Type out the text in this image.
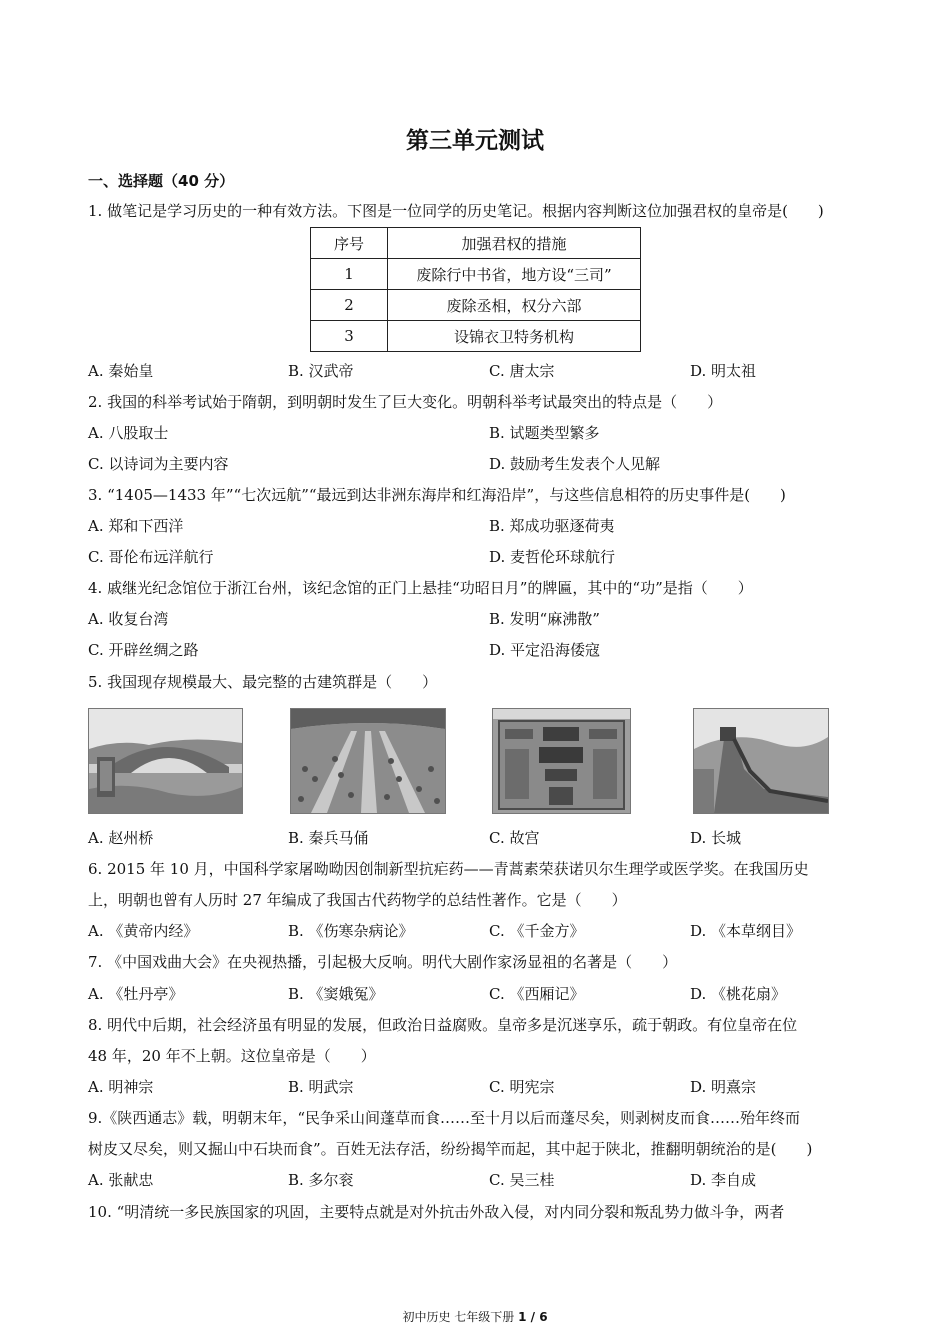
第三单元测试
一、选择题（40 分）
1. 做笔记是学习历史的一种有效方法。下图是一位同学的历史笔记。根据内容判断这位加强君权的皇帝是(　　)
序号	加强君权的措施
1	废除行中书省，地方设“三司”
2	废除丞相，权分六部
3	设锦衣卫特务机构
A. 秦始皇	B. 汉武帝	C. 唐太宗	D. 明太祖
2. 我国的科举考试始于隋朝，到明朝时发生了巨大变化。明朝科举考试最突出的特点是（　　）
A. 八股取士	B. 试题类型繁多
C. 以诗词为主要内容	D. 鼓励考生发表个人见解
3. “1405—1433 年”“七次远航”“最远到达非洲东海岸和红海沿岸”，与这些信息相符的历史事件是(　　)
A. 郑和下西洋	B. 郑成功驱逐荷夷
C. 哥伦布远洋航行	D. 麦哲伦环球航行
4. 戚继光纪念馆位于浙江台州，该纪念馆的正门上悬挂“功昭日月”的牌匾，其中的“功”是指（　　）
A. 收复台湾	B. 发明“麻沸散”
C. 开辟丝绸之路	D. 平定沿海倭寇
5. 我国现存规模最大、最完整的古建筑群是（　　）
A. 赵州桥	B. 秦兵马俑	C. 故宫	D. 长城
6. 2015 年 10 月，中国科学家屠呦呦因创制新型抗疟药——青蒿素荣获诺贝尔生理学或医学奖。在我国历史
上，明朝也曾有人历时 27 年编成了我国古代药物学的总结性著作。它是（　　）
A. 《黄帝内经》	B. 《伤寒杂病论》	C. 《千金方》	D. 《本草纲目》
7. 《中国戏曲大会》在央视热播，引起极大反响。明代大剧作家汤显祖的名著是（　　）
A. 《牡丹亭》	B. 《窦娥冤》	C. 《西厢记》	D. 《桃花扇》
8. 明代中后期，社会经济虽有明显的发展，但政治日益腐败。皇帝多是沉迷享乐，疏于朝政。有位皇帝在位
48 年，20 年不上朝。这位皇帝是（　　）
A. 明神宗	B. 明武宗	C. 明宪宗	D. 明熹宗
9.《陕西通志》载，明朝末年，“民争采山间蓬草而食……至十月以后而蓬尽矣，则剥树皮而食……殆年终而
树皮又尽矣，则又掘山中石块而食”。百姓无法存活，纷纷揭竿而起，其中起于陕北，推翻明朝统治的是(　　)
A. 张献忠	B. 多尔衮	C. 吴三桂	D. 李自成
10. “明清统一多民族国家的巩固，主要特点就是对外抗击外敌入侵，对内同分裂和叛乱势力做斗争，两者
初中历史 七年级下册 1 / 6
